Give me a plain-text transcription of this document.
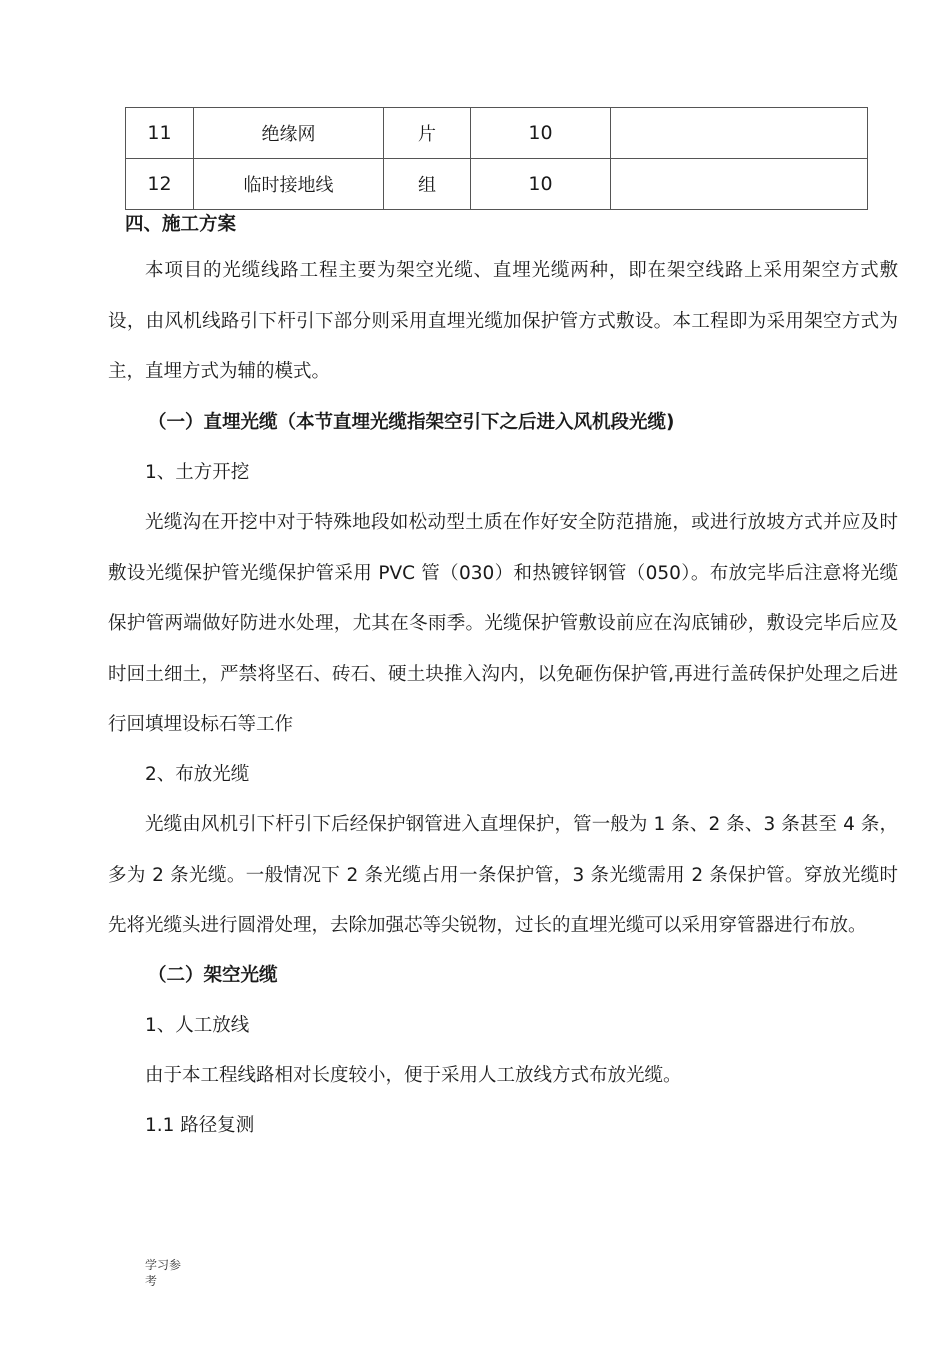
11	绝缘网	片	10	
12	临时接地线	组	10	

四、施工方案

本项目的光缆线路工程主要为架空光缆、直埋光缆两种，即在架空线路上采用架空方式敷设，由风机线路引下杆引下部分则采用直埋光缆加保护管方式敷设。本工程即为采用架空方式为主，直埋方式为辅的模式。

（一）直埋光缆（本节直埋光缆指架空引下之后进入风机段光缆)

1、土方开挖

光缆沟在开挖中对于特殊地段如松动型土质在作好安全防范措施，或进行放坡方式并应及时敷设光缆保护管光缆保护管采用 PVC 管（030）和热镀锌钢管（050）。布放完毕后注意将光缆保护管两端做好防进水处理，尤其在冬雨季。光缆保护管敷设前应在沟底铺砂，敷设完毕后应及时回土细土，严禁将坚石、砖石、硬土块推入沟内，以免砸伤保护管,再进行盖砖保护处理之后进行回填埋设标石等工作

2、布放光缆

光缆由风机引下杆引下后经保护钢管进入直埋保护，管一般为 1 条、2 条、3 条甚至 4 条，多为 2 条光缆。一般情况下 2 条光缆占用一条保护管，3 条光缆需用 2 条保护管。穿放光缆时先将光缆头进行圆滑处理，去除加强芯等尖锐物，过长的直埋光缆可以采用穿管器进行布放。

（二）架空光缆

1、人工放线

由于本工程线路相对长度较小，便于采用人工放线方式布放光缆。

1.1 路径复测

学习参
考
